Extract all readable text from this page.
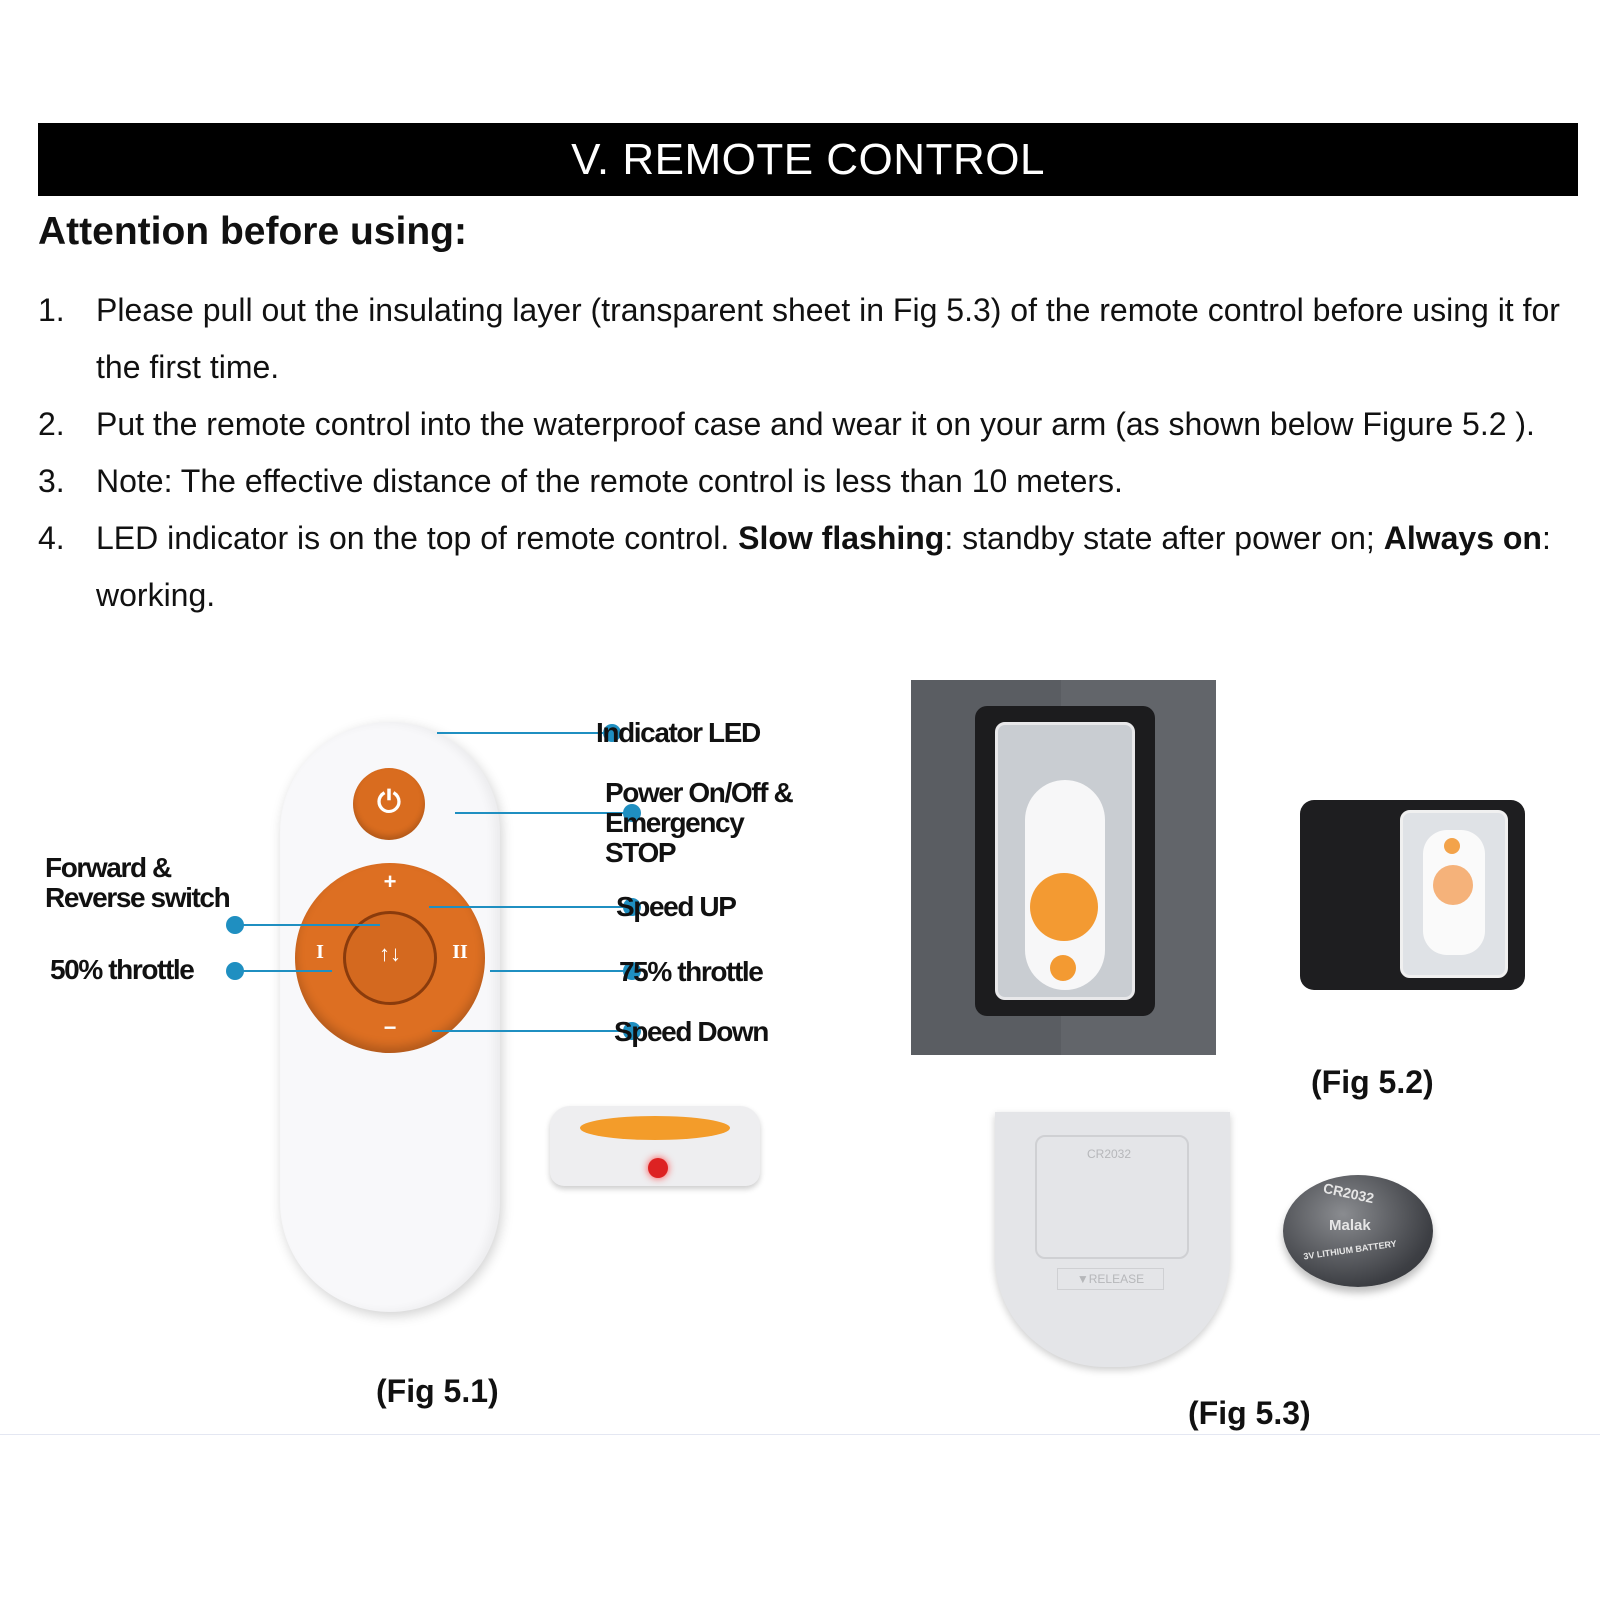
V. REMOTE CONTROL
Attention before using:
1. Please pull out the insulating layer (transparent sheet in Fig 5.3) of the remote control before using it for the first time.
2. Put the remote control into the waterproof case and wear it on your arm (as shown below Figure 5.2 ).
3. Note: The effective distance of the remote control is less than 10 meters.
4. LED indicator is on the top of remote control. Slow flashing: standby state after power on; Always on: working.
⏻
+
−
I	II
↑↓
Indicator LED
Power On/Off & Emergency STOP
Forward & Reverse switch	Speed UP
50% throttle	75% throttle
Speed Down
(Fig 5.1)
(Fig 5.2)
CR2032
▼RELEASE
CR2032
Malak
3V LITHIUM BATTERY
(Fig 5.3)
